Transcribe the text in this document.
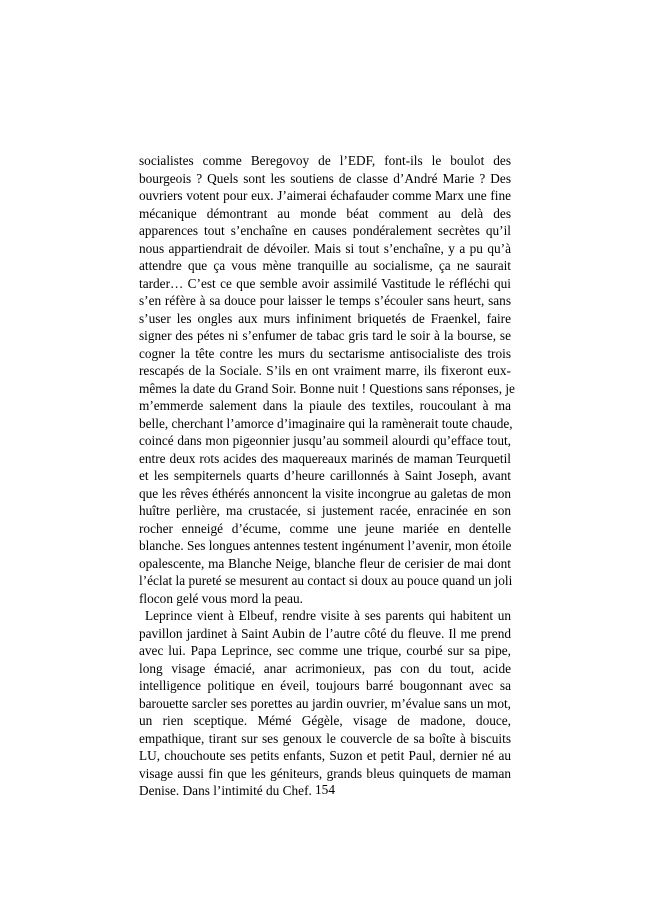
socialistes comme Beregovoy de l’EDF, font-ils le boulot des
bourgeois ? Quels sont les soutiens de classe d’André Marie ? Des
ouvriers votent pour eux. J’aimerai échafauder comme Marx une fine
mécanique démontrant au monde béat comment au delà des
apparences tout s’enchaîne en causes pondéralement secrètes qu’il
nous appartiendrait de dévoiler. Mais si tout s’enchaîne, y a pu qu’à
attendre que ça vous mène tranquille au socialisme, ça ne saurait
tarder… C’est ce que semble avoir assimilé Vastitude le réfléchi qui
s’en réfère à sa douce pour laisser le temps s’écouler sans heurt, sans
s’user les ongles aux murs infiniment briquetés de Fraenkel, faire
signer des pétes ni s’enfumer de tabac gris tard le soir à la bourse, se
cogner la tête contre les murs du sectarisme antisocialiste des trois
rescapés de la Sociale. S’ils en ont vraiment marre, ils fixeront eux-
mêmes la date du Grand Soir. Bonne nuit ! Questions sans réponses, je
m’emmerde salement dans la piaule des textiles, roucoulant à ma
belle, cherchant l’amorce d’imaginaire qui la ramènerait toute chaude,
coincé dans mon pigeonnier jusqu’au sommeil alourdi qu’efface tout,
entre deux rots acides des maquereaux marinés de maman Teurquetil
et les sempiternels quarts d’heure carillonnés à Saint Joseph, avant
que les rêves éthérés annoncent la visite incongrue au galetas de mon
huître perlière, ma crustacée, si justement racée, enracinée en son
rocher enneigé d’écume, comme une jeune mariée en dentelle
blanche. Ses longues antennes testent ingénument l’avenir, mon étoile
opalescente, ma Blanche Neige, blanche fleur de cerisier de mai dont
l’éclat la pureté se mesurent au contact si doux au pouce quand un joli
flocon gelé vous mord la peau.
Leprince vient à Elbeuf, rendre visite à ses parents qui habitent un
pavillon jardinet à Saint Aubin de l’autre côté du fleuve. Il me prend
avec lui. Papa Leprince, sec comme une trique, courbé sur sa pipe,
long visage émacié, anar acrimonieux, pas con du tout, acide
intelligence politique en éveil, toujours barré bougonnant avec sa
barouette sarcler ses porettes au jardin ouvrier, m’évalue sans un mot,
un rien sceptique. Mémé Gégèle, visage de madone, douce,
empathique, tirant sur ses genoux le couvercle de sa boîte à biscuits
LU, chouchoute ses petits enfants, Suzon et petit Paul, dernier né au
visage aussi fin que les géniteurs, grands bleus quinquets de maman
Denise. Dans l’intimité du Chef. 154
